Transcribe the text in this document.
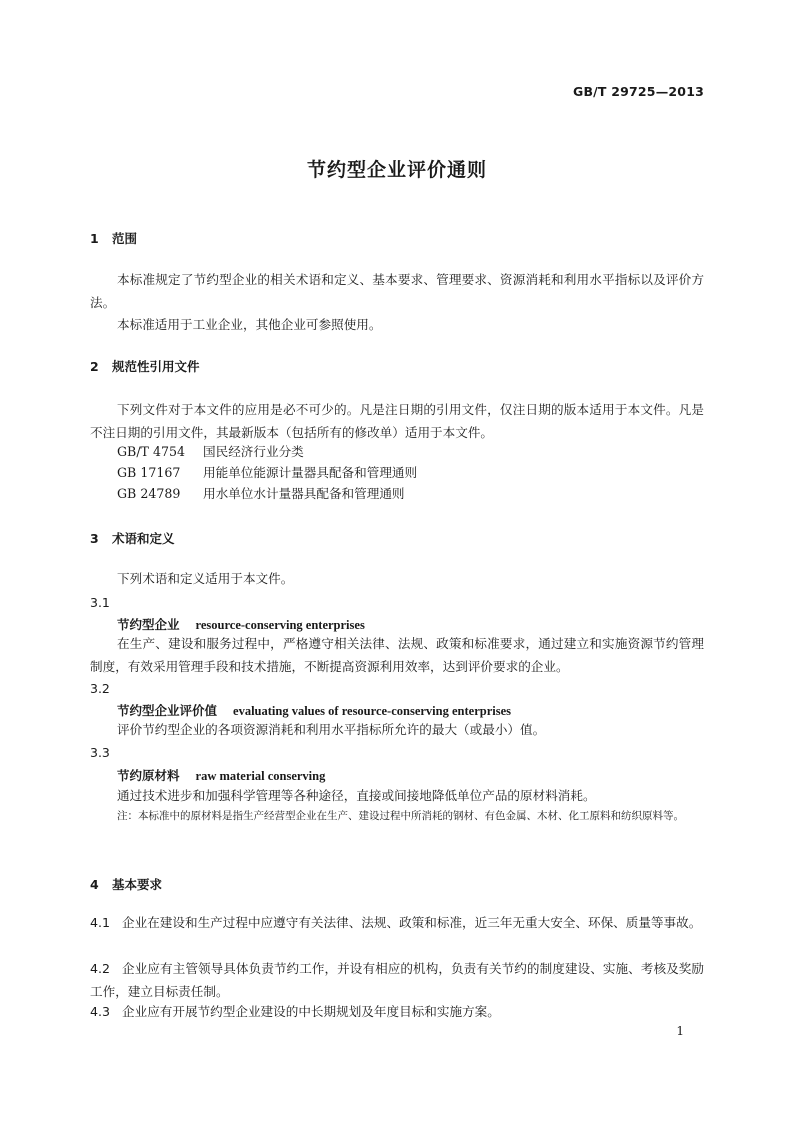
GB/T 29725—2013
节约型企业评价通则
1 范围
本标准规定了节约型企业的相关术语和定义、基本要求、管理要求、资源消耗和利用水平指标以及评价方法。
本标准适用于工业企业，其他企业可参照使用。
2 规范性引用文件
下列文件对于本文件的应用是必不可少的。凡是注日期的引用文件，仅注日期的版本适用于本文件。凡是不注日期的引用文件，其最新版本（包括所有的修改单）适用于本文件。
GB/T 4754 国民经济行业分类
GB 17167 用能单位能源计量器具配备和管理通则
GB 24789 用水单位水计量器具配备和管理通则
3 术语和定义
下列术语和定义适用于本文件。
3.1
节约型企业 resource-conserving enterprises
在生产、建设和服务过程中，严格遵守相关法律、法规、政策和标准要求，通过建立和实施资源节约管理制度，有效采用管理手段和技术措施，不断提高资源利用效率，达到评价要求的企业。
3.2
节约型企业评价值 evaluating values of resource-conserving enterprises
评价节约型企业的各项资源消耗和利用水平指标所允许的最大（或最小）值。
3.3
节约原材料 raw material conserving
通过技术进步和加强科学管理等各种途径，直接或间接地降低单位产品的原材料消耗。
注：本标准中的原材料是指生产经营型企业在生产、建设过程中所消耗的钢材、有色金属、木材、化工原料和纺织原料等。
4 基本要求
4.1 企业在建设和生产过程中应遵守有关法律、法规、政策和标准，近三年无重大安全、环保、质量等事故。
4.2 企业应有主管领导具体负责节约工作，并设有相应的机构，负责有关节约的制度建设、实施、考核及奖励工作，建立目标责任制。
4.3 企业应有开展节约型企业建设的中长期规划及年度目标和实施方案。
1
